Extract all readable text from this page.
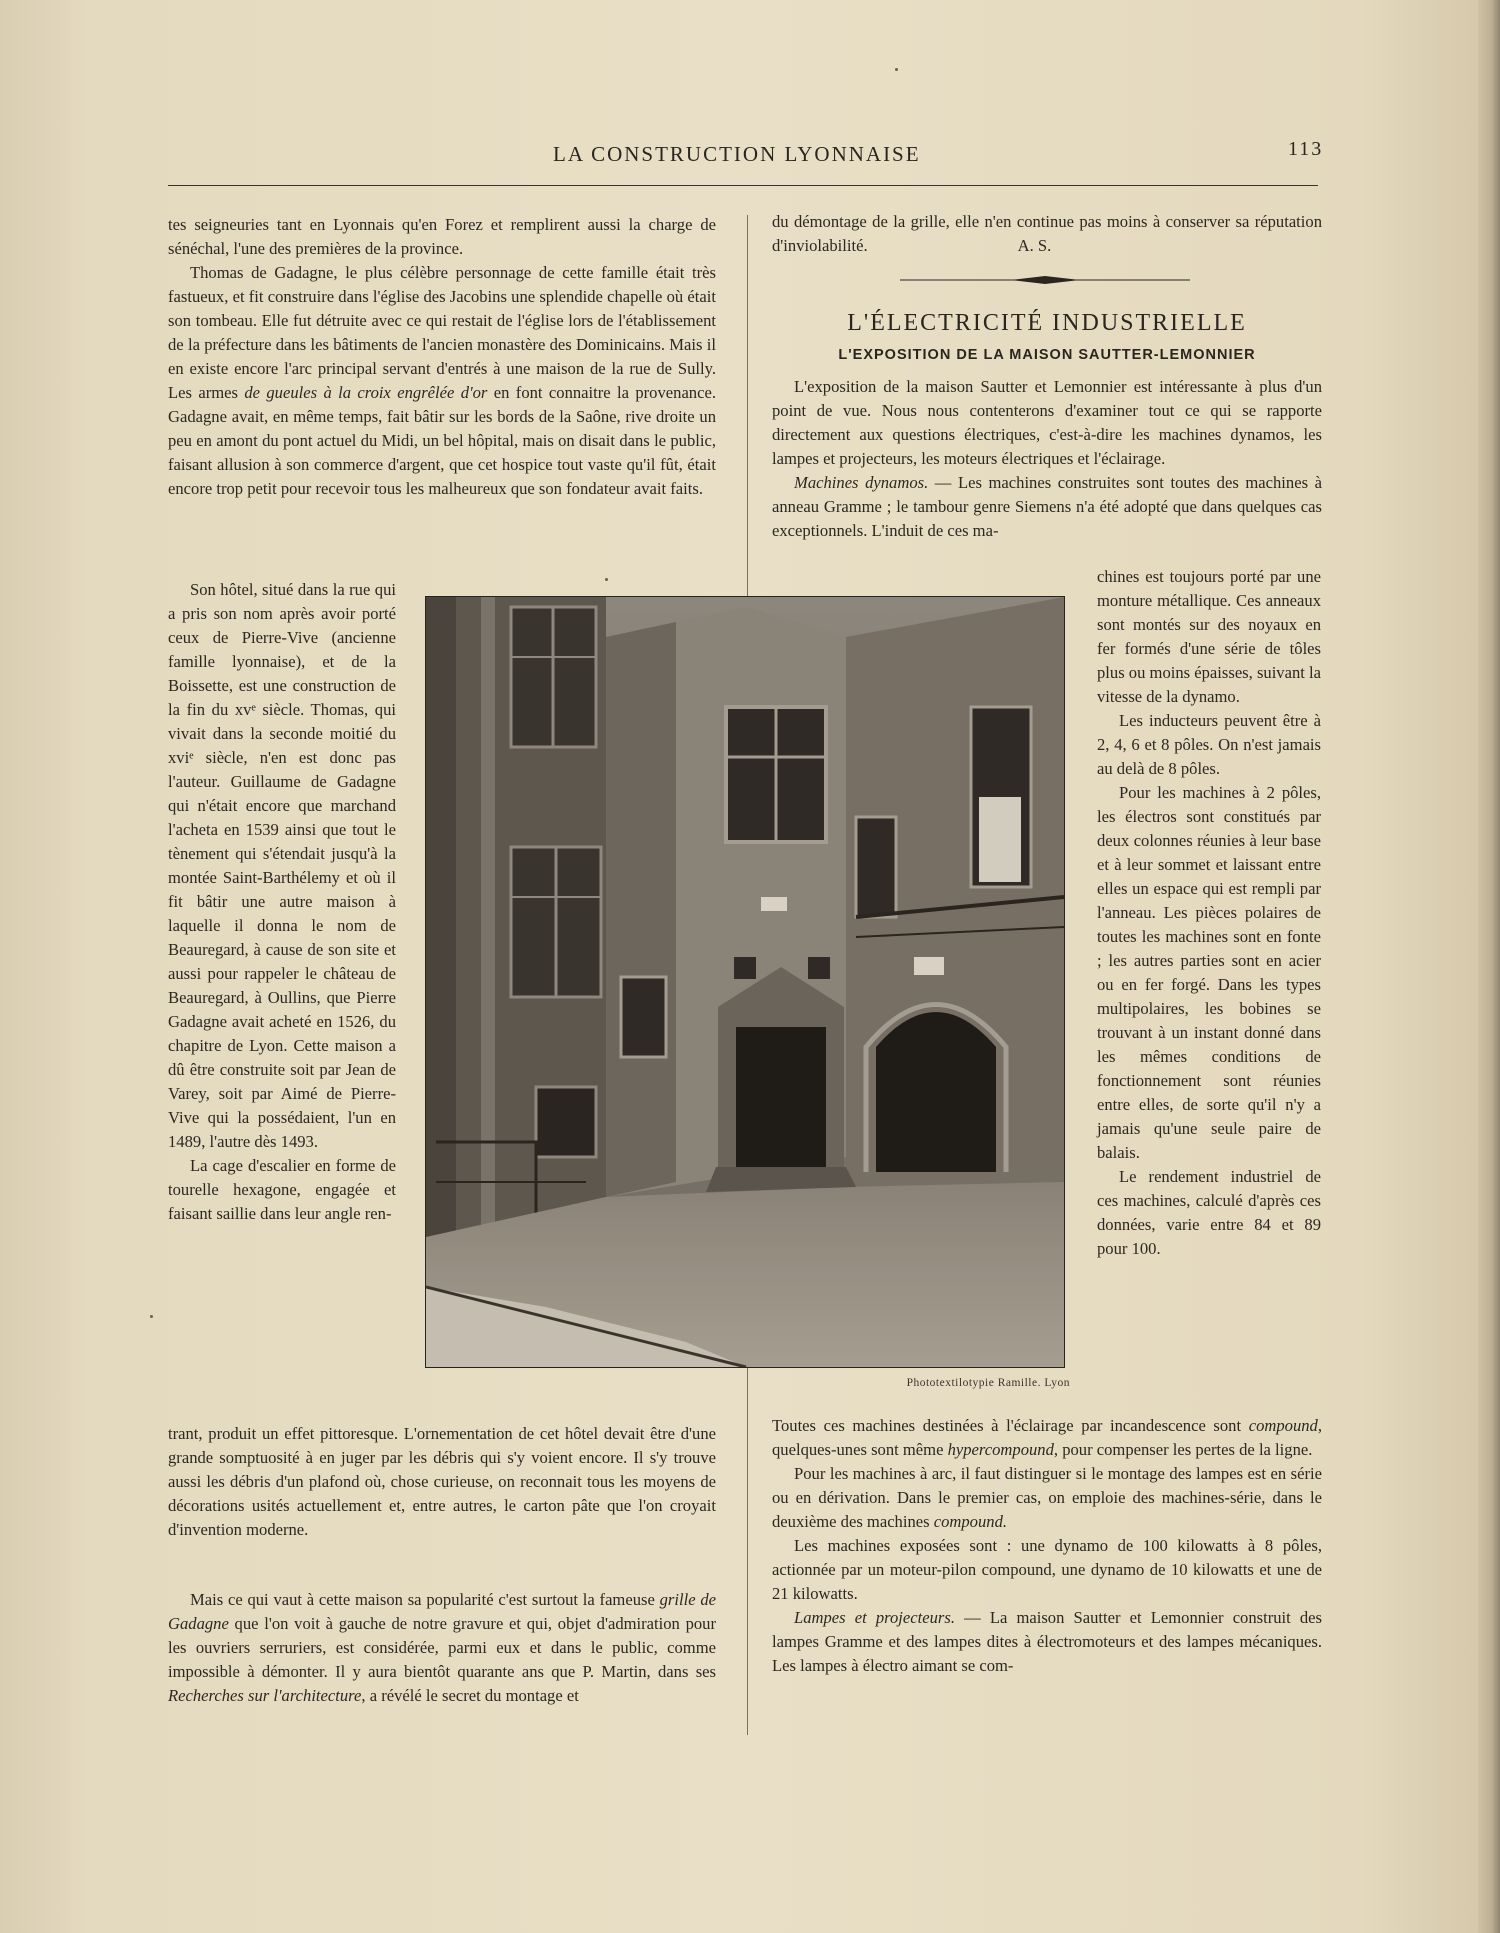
LA CONSTRUCTION LYONNAISE	113

tes seigneuries tant en Lyonnais qu'en Forez et remplirent aussi la charge de sénéchal, l'une des premières de la province.

Thomas de Gadagne, le plus célèbre personnage de cette famille était très fastueux, et fit construire dans l'église des Jacobins une splendide chapelle où était son tombeau. Elle fut détruite avec ce qui restait de l'église lors de l'établissement de la préfecture dans les bâtiments de l'ancien monastère des Dominicains. Mais il en existe encore l'arc principal servant d'entrés à une maison de la rue de Sully. Les armes de gueules à la croix engrêlée d'or en font connaitre la provenance. Gadagne avait, en même temps, fait bâtir sur les bords de la Saône, rive droite un peu en amont du pont actuel du Midi, un bel hôpital, mais on disait dans le public, faisant allusion à son commerce d'argent, que cet hospice tout vaste qu'il fût, était encore trop petit pour recevoir tous les malheureux que son fondateur avait faits.

Son hôtel, situé dans la rue qui a pris son nom après avoir porté ceux de Pierre-Vive (ancienne famille lyonnaise), et de la Boissette, est une construction de la fin du xvᵉ siècle. Thomas, qui vivait dans la seconde moitié du xviᵉ siècle, n'en est donc pas l'auteur. Guillaume de Gadagne qui n'était encore que marchand l'acheta en 1539 ainsi que tout le tènement qui s'étendait jusqu'à la montée Saint-Barthélemy et où il fit bâtir une autre maison à laquelle il donna le nom de Beauregard, à cause de son site et aussi pour rappeler le château de Beauregard, à Oullins, que Pierre Gadagne avait acheté en 1526, du chapitre de Lyon. Cette maison a dû être construite soit par Jean de Varey, soit par Aimé de Pierre-Vive qui la possédaient, l'un en 1489, l'autre dès 1493.

La cage d'escalier en forme de tourelle hexagone, engagée et faisant saillie dans leur angle ren-

trant, produit un effet pittoresque. L'ornementation de cet hôtel devait être d'une grande somptuosité à en juger par les débris qui s'y voient encore. Il s'y trouve aussi les débris d'un plafond où, chose curieuse, on reconnait tous les moyens de décorations usités actuellement et, entre autres, le carton pâte que l'on croyait d'invention moderne.

Mais ce qui vaut à cette maison sa popularité c'est surtout la fameuse grille de Gadagne que l'on voit à gauche de notre gravure et qui, objet d'admiration pour les ouvriers serruriers, est considérée, parmi eux et dans le public, comme impossible à démonter. Il y aura bientôt quarante ans que P. Martin, dans ses Recherches sur l'architecture, a révélé le secret du montage et

du démontage de la grille, elle n'en continue pas moins à conserver sa réputation d'inviolabilité.	A. S.

L'ÉLECTRICITÉ INDUSTRIELLE
L'EXPOSITION DE LA MAISON SAUTTER-LEMONNIER

L'exposition de la maison Sautter et Lemonnier est intéressante à plus d'un point de vue. Nous nous contenterons d'examiner tout ce qui se rapporte directement aux questions électriques, c'est-à-dire les machines dynamos, les lampes et projecteurs, les moteurs électriques et l'éclairage.

Machines dynamos. — Les machines construites sont toutes des machines à anneau Gramme ; le tambour genre Siemens n'a été adopté que dans quelques cas exceptionnels. L'induit de ces ma-

chines est toujours porté par une monture métallique. Ces anneaux sont montés sur des noyaux en fer formés d'une série de tôles plus ou moins épaisses, suivant la vitesse de la dynamo.

Les inducteurs peuvent être à 2, 4, 6 et 8 pôles. On n'est jamais au delà de 8 pôles.

Pour les machines à 2 pôles, les électros sont constitués par deux colonnes réunies à leur base et à leur sommet et laissant entre elles un espace qui est rempli par l'anneau. Les pièces polaires de toutes les machines sont en fonte ; les autres parties sont en acier ou en fer forgé. Dans les types multipolaires, les bobines se trouvant à un instant donné dans les mêmes conditions de fonctionnement sont réunies entre elles, de sorte qu'il n'y a jamais qu'une seule paire de balais.

Le rendement industriel de ces machines, calculé d'après ces données, varie entre 84 et 89 pour 100.

Toutes ces machines destinées à l'éclairage par incandescence sont compound, quelques-unes sont même hypercompound, pour compenser les pertes de la ligne.

Pour les machines à arc, il faut distinguer si le montage des lampes est en série ou en dérivation. Dans le premier cas, on emploie des machines-série, dans le deuxième des machines compound.

Les machines exposées sont : une dynamo de 100 kilowatts à 8 pôles, actionnée par un moteur-pilon compound, une dynamo de 10 kilowatts et une de 21 kilowatts.

Lampes et projecteurs. — La maison Sautter et Lemonnier construit des lampes Gramme et des lampes dites à électromoteurs et des lampes mécaniques. Les lampes à électro aimant se com-

Phototextilotypie Ramille. Lyon
